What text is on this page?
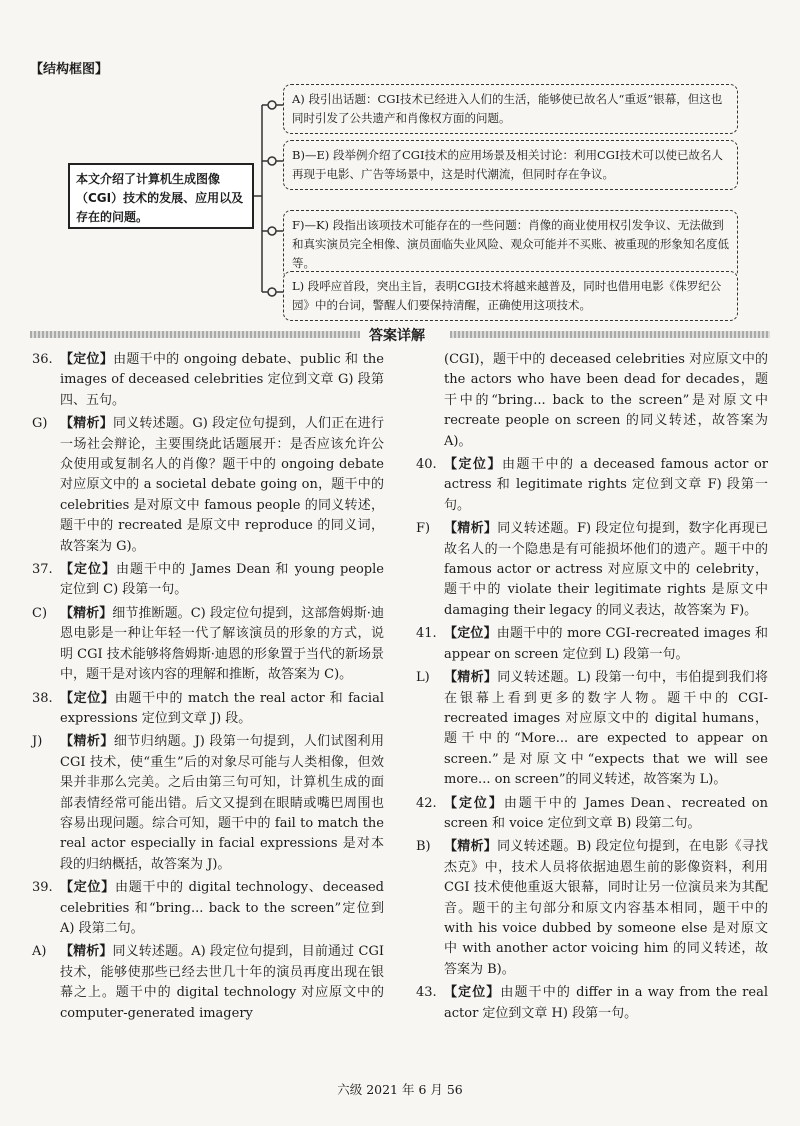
【结构框图】
本文介绍了计算机生成图像（CGI）技术的发展、应用以及存在的问题。
A) 段引出话题：CGI技术已经进入人们的生活，能够使已故名人“重返”银幕，但这也同时引发了公共遗产和肖像权方面的问题。
B)—E) 段举例介绍了CGI技术的应用场景及相关讨论：利用CGI技术可以使已故名人再现于电影、广告等场景中，这是时代潮流，但同时存在争议。
F)—K) 段指出该项技术可能存在的一些问题：肖像的商业使用权引发争议、无法做到和真实演员完全相像、演员面临失业风险、观众可能并不买账、被重现的形象知名度低等。
L) 段呼应首段，突出主旨，表明CGI技术将越来越普及，同时也借用电影《侏罗纪公园》中的台词，警醒人们要保持清醒，正确使用这项技术。
答案详解
36. 【定位】由题干中的 ongoing debate、public 和 the images of deceased celebrities 定位到文章 G) 段第四、五句。
G) 【精析】同义转述题。G) 段定位句提到，人们正在进行一场社会辩论，主要围绕此话题展开：是否应该允许公众使用或复制名人的肖像？题干中的 ongoing debate 对应原文中的 a societal debate going on，题干中的 celebrities 是对原文中 famous people 的同义转述，题干中的 recreated 是原文中 reproduce 的同义词，故答案为 G)。
37. 【定位】由题干中的 James Dean 和 young people 定位到 C) 段第一句。
C) 【精析】细节推断题。C) 段定位句提到，这部詹姆斯·迪恩电影是一种让年轻一代了解该演员的形象的方式，说明 CGI 技术能够将詹姆斯·迪恩的形象置于当代的新场景中，题干是对该内容的理解和推断，故答案为 C)。
38. 【定位】由题干中的 match the real actor 和 facial expressions 定位到文章 J) 段。
J) 【精析】细节归纳题。J) 段第一句提到，人们试图利用 CGI 技术，使“重生”后的对象尽可能与人类相像，但效果并非那么完美。之后由第三句可知，计算机生成的面部表情经常可能出错。后文又提到在眼睛或嘴巴周围也容易出现问题。综合可知，题干中的 fail to match the real actor especially in facial expressions 是对本段的归纳概括，故答案为 J)。
39. 【定位】由题干中的 digital technology、deceased celebrities 和“bring... back to the screen”定位到 A) 段第二句。
A) 【精析】同义转述题。A) 段定位句提到，目前通过 CGI 技术，能够使那些已经去世几十年的演员再度出现在银幕之上。题干中的 digital technology 对应原文中的 computer-generated imagery
(CGI)，题干中的 deceased celebrities 对应原文中的 the actors who have been dead for decades，题干中的“bring... back to the screen”是对原文中 recreate people on screen 的同义转述，故答案为 A)。
40. 【定位】由题干中的 a deceased famous actor or actress 和 legitimate rights 定位到文章 F) 段第一句。
F) 【精析】同义转述题。F) 段定位句提到，数字化再现已故名人的一个隐患是有可能损坏他们的遗产。题干中的 famous actor or actress 对应原文中的 celebrity，题干中的 violate their legitimate rights 是原文中 damaging their legacy 的同义表达，故答案为 F)。
41. 【定位】由题干中的 more CGI-recreated images 和 appear on screen 定位到 L) 段第一句。
L) 【精析】同义转述题。L) 段第一句中，韦伯提到我们将在银幕上看到更多的数字人物。题干中的 CGI-recreated images 对应原文中的 digital humans，题干中的“More... are expected to appear on screen.”是对原文中“expects that we will see more... on screen”的同义转述，故答案为 L)。
42. 【定位】由题干中的 James Dean、recreated on screen 和 voice 定位到文章 B) 段第二句。
B) 【精析】同义转述题。B) 段定位句提到，在电影《寻找杰克》中，技术人员将依据迪恩生前的影像资料，利用 CGI 技术使他重返大银幕，同时让另一位演员来为其配音。题干的主句部分和原文内容基本相同，题干中的 with his voice dubbed by someone else 是对原文中 with another actor voicing him 的同义转述，故答案为 B)。
43. 【定位】由题干中的 differ in a way from the real actor 定位到文章 H) 段第一句。
六级 2021 年 6 月 56
